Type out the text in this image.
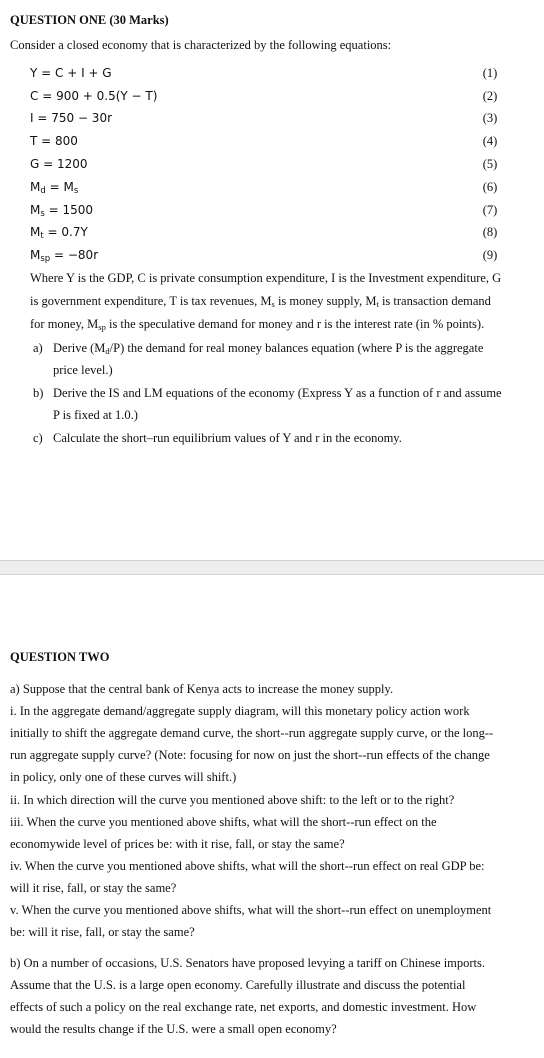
QUESTION ONE (30 Marks)
Consider a closed economy that is characterized by the following equations:
Y = C + I + G	(1)
C = 900 + 0.5(Y − T)	(2)
I = 750 − 30r	(3)
T = 800	(4)
G = 1200	(5)
$M_d = M_s$	(6)
$M_s = 1500$	(7)
$M_t = 0.7Y$	(8)
$M_{sp} = -80r$	(9)
Where Y is the GDP, C is private consumption expenditure, I is the Investment expenditure, G
is government expenditure, T is tax revenues, $M_s$ is money supply, $M_t$ is transaction demand
for money, $M_{sp}$ is the speculative demand for money and r is the interest rate (in % points).
a) Derive $(M_d/P)$ the demand for real money balances equation (where P is the aggregate
price level.)
b) Derive the IS and LM equations of the economy (Express Y as a function of r and assume
P is fixed at 1.0.)
c) Calculate the short–run equilibrium values of Y and r in the economy.
QUESTION TWO
a) Suppose that the central bank of Kenya acts to increase the money supply.
i. In the aggregate demand/aggregate supply diagram, will this monetary policy action work
initially to shift the aggregate demand curve, the short--run aggregate supply curve, or the long--
run aggregate supply curve? (Note: focusing for now on just the short--run effects of the change
in policy, only one of these curves will shift.)
ii. In which direction will the curve you mentioned above shift: to the left or to the right?
iii. When the curve you mentioned above shifts, what will the short--run effect on the
economywide level of prices be: with it rise, fall, or stay the same?
iv. When the curve you mentioned above shifts, what will the short--run effect on real GDP be:
will it rise, fall, or stay the same?
v. When the curve you mentioned above shifts, what will the short--run effect on unemployment
be: will it rise, fall, or stay the same?
b) On a number of occasions, U.S. Senators have proposed levying a tariff on Chinese imports.
Assume that the U.S. is a large open economy. Carefully illustrate and discuss the potential
effects of such a policy on the real exchange rate, net exports, and domestic investment. How
would the results change if the U.S. were a small open economy?
